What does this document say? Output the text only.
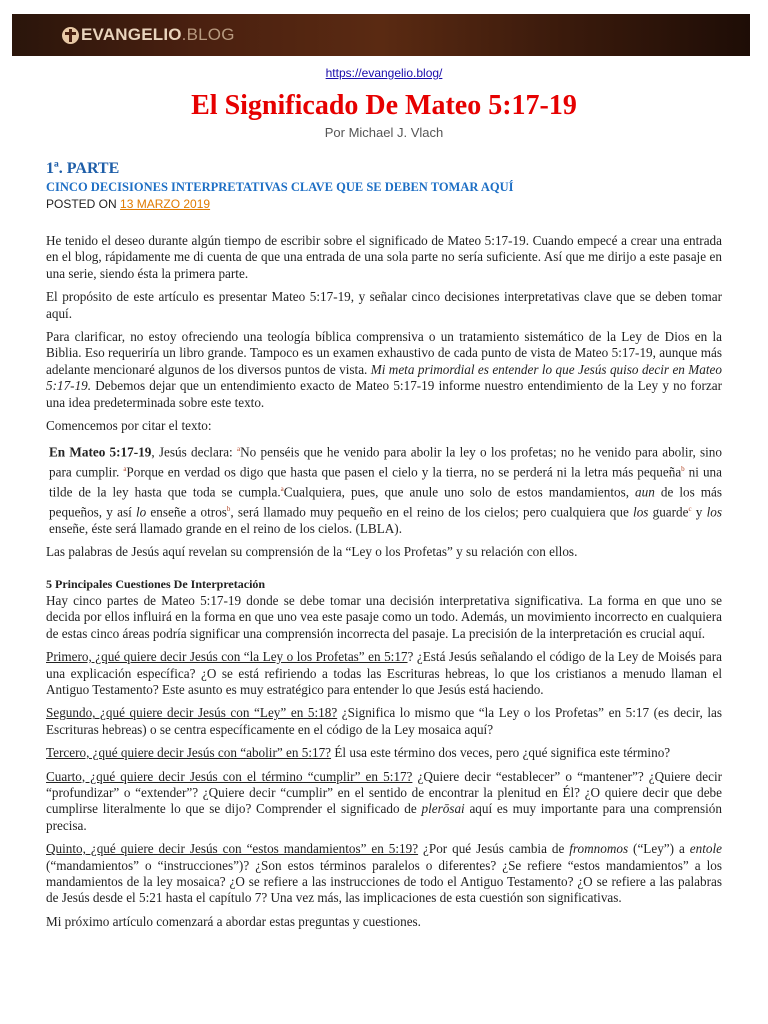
EVANGELIO.BLOG
https://evangelio.blog/
El Significado De Mateo 5:17-19
Por Michael J. Vlach
1ª. PARTE
CINCO DECISIONES INTERPRETATIVAS CLAVE QUE SE DEBEN TOMAR AQUÍ
POSTED ON 13 MARZO 2019

He tenido el deseo durante algún tiempo de escribir sobre el significado de Mateo 5:17-19. Cuando empecé a crear una entrada en el blog, rápidamente me di cuenta de que una entrada de una sola parte no sería suficiente. Así que me dirijo a este pasaje en una serie, siendo ésta la primera parte.

El propósito de este artículo es presentar Mateo 5:17-19, y señalar cinco decisiones interpretativas clave que se deben tomar aquí.

Para clarificar, no estoy ofreciendo una teología bíblica comprensiva o un tratamiento sistemático de la Ley de Dios en la Biblia. Eso requeriría un libro grande. Tampoco es un examen exhaustivo de cada punto de vista de Mateo 5:17-19, aunque más adelante mencionaré algunos de los diversos puntos de vista. Mi meta primordial es entender lo que Jesús quiso decir en Mateo 5:17-19. Debemos dejar que un entendimiento exacto de Mateo 5:17-19 informe nuestro entendimiento de la Ley y no forzar una idea predeterminada sobre este texto.

Comencemos por citar el texto:

En Mateo 5:17-19, Jesús declara: $^a$No penséis que he venido para abolir la ley o los profetas; no he venido para abolir, sino para cumplir. $^a$Porque en verdad os digo que hasta que pasen el cielo y la tierra, no se perderá ni la letra más pequeña$^b$ ni una tilde de la ley hasta que toda se cumpla.$^a$Cualquiera, pues, que anule uno solo de estos mandamientos, aun de los más pequeños, y así lo enseñe a otros$^b$, será llamado muy pequeño en el reino de los cielos; pero cualquiera que los guarde$^c$ y los enseñe, éste será llamado grande en el reino de los cielos. (LBLA).

Las palabras de Jesús aquí revelan su comprensión de la “Ley o los Profetas” y su relación con ellos.

5 Principales Cuestiones De Interpretación

Hay cinco partes de Mateo 5:17-19 donde se debe tomar una decisión interpretativa significativa. La forma en que uno se decida por ellos influirá en la forma en que uno vea este pasaje como un todo. Además, un movimiento incorrecto en cualquiera de estas cinco áreas podría significar una comprensión incorrecta del pasaje. La precisión de la interpretación es crucial aquí.

Primero, ¿qué quiere decir Jesús con “la Ley o los Profetas” en 5:17? ¿Está Jesús señalando el código de la Ley de Moisés para una explicación específica? ¿O se está refiriendo a todas las Escrituras hebreas, lo que los cristianos a menudo llaman el Antiguo Testamento? Este asunto es muy estratégico para entender lo que Jesús está haciendo.

Segundo, ¿qué quiere decir Jesús con “Ley” en 5:18? ¿Significa lo mismo que “la Ley o los Profetas” en 5:17 (es decir, las Escrituras hebreas) o se centra específicamente en el código de la Ley mosaica aquí?

Tercero, ¿qué quiere decir Jesús con “abolir” en 5:17? Él usa este término dos veces, pero ¿qué significa este término?

Cuarto, ¿qué quiere decir Jesús con el término “cumplir” en 5:17? ¿Quiere decir “establecer” o “mantener”? ¿Quiere decir “profundizar” o “extender”? ¿Quiere decir “cumplir” en el sentido de encontrar la plenitud en Él? ¿O quiere decir que debe cumplirse literalmente lo que se dijo? Comprender el significado de plerōsai aquí es muy importante para una comprensión precisa.

Quinto, ¿qué quiere decir Jesús con “estos mandamientos” en 5:19? ¿Por qué Jesús cambia de fromnomos (“Ley”) a entole (“mandamientos” o “instrucciones”)? ¿Son estos términos paralelos o diferentes? ¿Se refiere “estos mandamientos” a los mandamientos de la ley mosaica? ¿O se refiere a las instrucciones de todo el Antiguo Testamento? ¿O se refiere a las palabras de Jesús desde el 5:21 hasta el capítulo 7? Una vez más, las implicaciones de esta cuestión son significativas.

Mi próximo artículo comenzará a abordar estas preguntas y cuestiones.
